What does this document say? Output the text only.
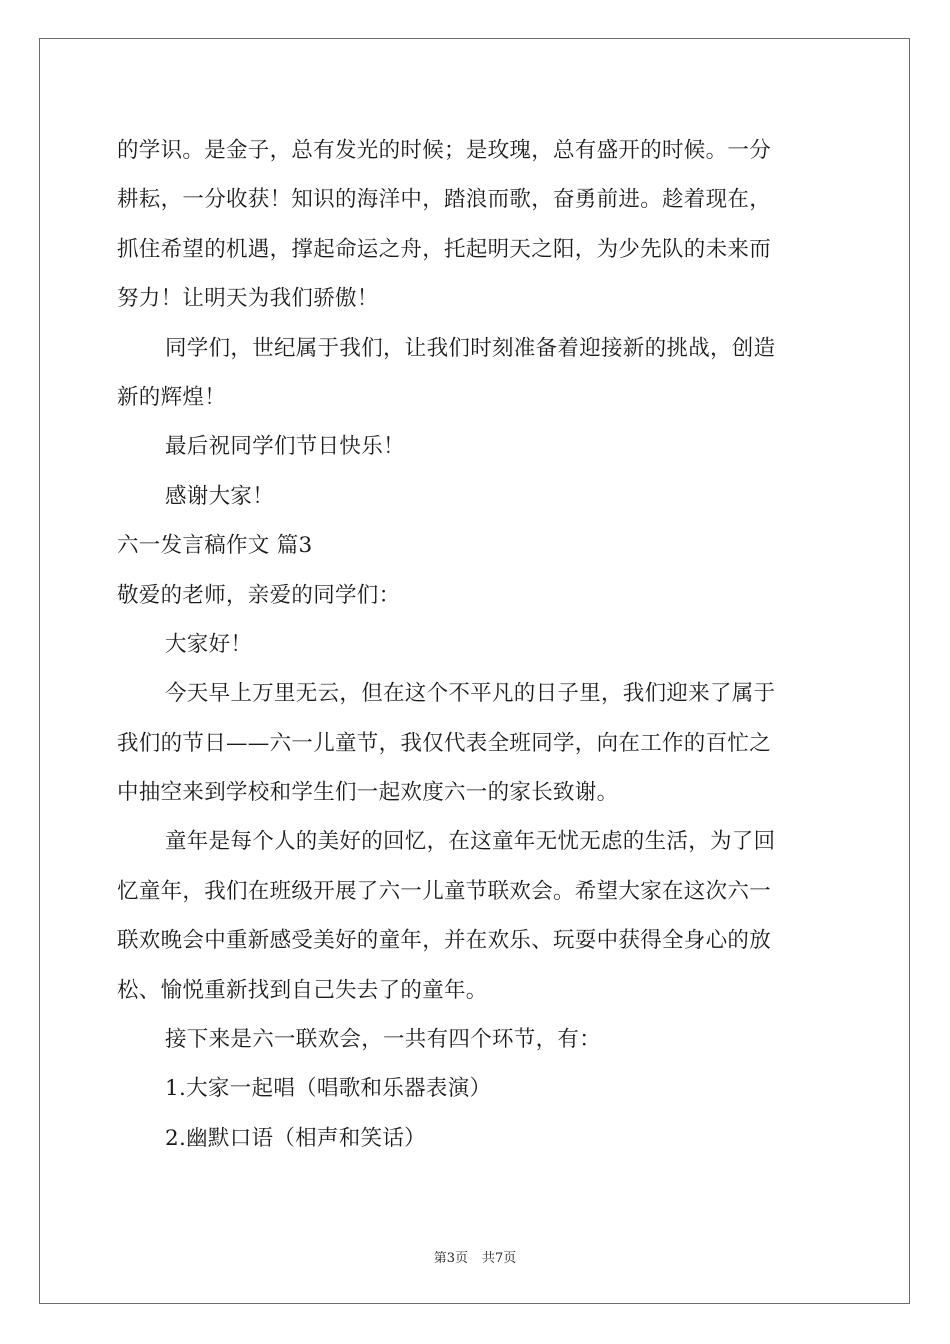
的学识。是金子，总有发光的时候；是玫瑰，总有盛开的时候。一分
耕耘，一分收获！知识的海洋中，踏浪而歌，奋勇前进。趁着现在，
抓住希望的机遇，撑起命运之舟，托起明天之阳，为少先队的未来而
努力！让明天为我们骄傲！
同学们，世纪属于我们，让我们时刻准备着迎接新的挑战，创造
新的辉煌！
最后祝同学们节日快乐！
感谢大家！
六一发言稿作文 篇3
敬爱的老师，亲爱的同学们：
大家好！
今天早上万里无云，但在这个不平凡的日子里，我们迎来了属于
我们的节日——六一儿童节，我仅代表全班同学，向在工作的百忙之
中抽空来到学校和学生们一起欢度六一的家长致谢。
童年是每个人的美好的回忆，在这童年无忧无虑的生活，为了回
忆童年，我们在班级开展了六一儿童节联欢会。希望大家在这次六一
联欢晚会中重新感受美好的童年，并在欢乐、玩耍中获得全身心的放
松、愉悦重新找到自己失去了的童年。
接下来是六一联欢会，一共有四个环节，有：
1.大家一起唱（唱歌和乐器表演）
2.幽默口语（相声和笑话）
第3页 共7页
